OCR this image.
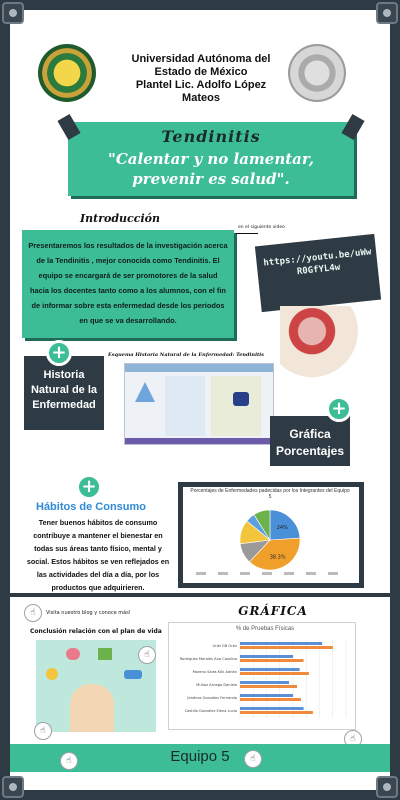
Universidad Autónoma del
Estado de México
Plantel Lic. Adolfo López Mateos
Tendinitis
"Calentar y no lamentar,
prevenir es salud".
Introducción
Presentaremos los resultados de la investigación acerca de la Tendinitis , mejor conocida como Tendinitis. El equipo se encargará de ser promotores de la salud hacia los docentes tanto como a los alumnos, con el fin de informar sobre esta enfermedad desde los periodos en que se va desarrollando.
en el siguiente video
https://youtu.be/uWwR0GfYL4w
Historia Natural de la Enfermedad
+	Esquema Historia Natural de la Enfermedad: Tendinitis
Gráfica Porcentajes
+
+
Hábitos de Consumo
Tener buenos hábitos de consumo contribuye a mantener el bienestar en todas sus áreas tanto físico, mental y social. Estos hábitos se ven reflejados en las actividades del día a día, por los productos que adquirieren.
Porcentajes de Enfermedades padecidas por los Integrantes del Equipo 5
24%
38.3%
☝	Visita nuestro blog y conoce más!	GRÁFICA
Conclusión relación con el plan de vida
☝
☝
% de Pruebas Físicas
Uriel GB Ortiz
Rodríguez Morales Ana Carolina
Moreno Salas Kiki Adrián
Muñoz Arriaga Daniela
Jiménez González Fernando
Castillo González Elena Lucía
☝
☝	Equipo 5	☝
